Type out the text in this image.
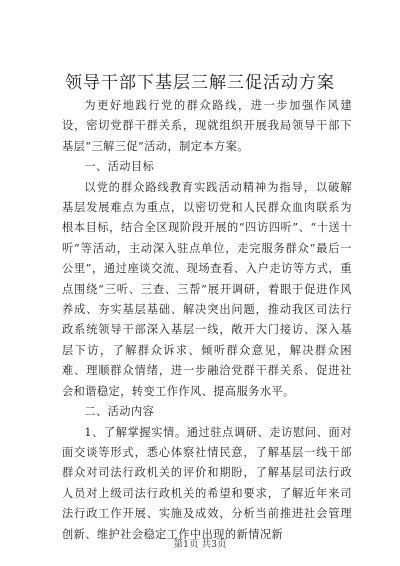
领导干部下基层三解三促活动方案

为更好地践行党的群众路线，进一步加强作风建设，密切党群干群关系，现就组织开展我局领导干部下基层“三解三促”活动，制定本方案。

一、活动目标

以党的群众路线教育实践活动精神为指导，以破解基层发展难点为重点，以密切党和人民群众血肉联系为根本目标，结合全区现阶段开展的“四访四听”、“十送十听”等活动，主动深入驻点单位，走完服务群众“最后一公里”，通过座谈交流、现场查看、入户走访等方式，重点围绕“三听、三查、三帮”展开调研，着眼于促进作风养成、夯实基层基础、解决突出问题，推动我区司法行政系统领导干部深入基层一线，敞开大门接访、深入基层下访，了解群众诉求、倾听群众意见，解决群众困难、理顺群众情绪，进一步融洽党群干群关系、促进社会和谐稳定，转变工作作风、提高服务水平。

二、活动内容

1、了解掌握实情。通过驻点调研、走访慰问、面对面交谈等形式，悉心体察社情民意，了解基层一线干部群众对司法行政机关的评价和期盼，了解基层司法行政人员对上级司法行政机关的希望和要求，了解近年来司法行政工作开展、实施及成效，分析当前推进社会管理创新、维护社会稳定工作中出现的新情况新

第1页 共3页
